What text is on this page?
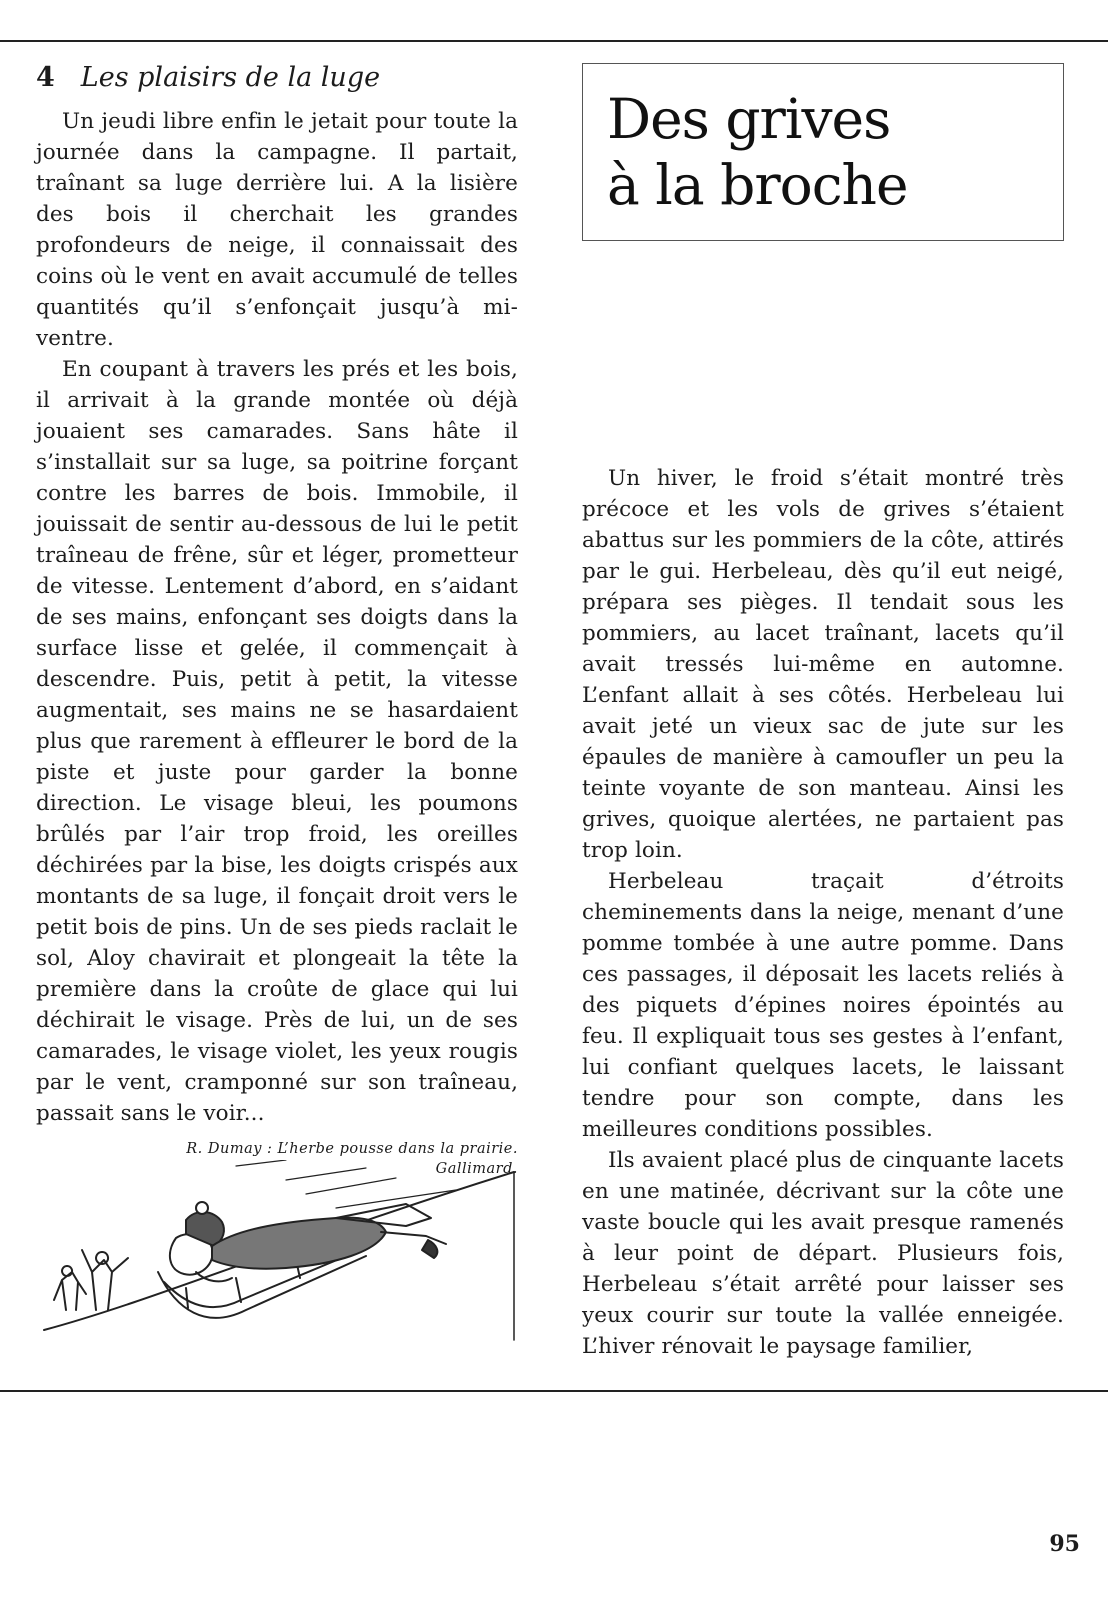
4 Les plaisirs de la luge

Un jeudi libre enfin le jetait pour toute la journée dans la campagne. Il partait, traînant sa luge derrière lui. A la lisière des bois il cherchait les grandes profondeurs de neige, il connaissait des coins où le vent en avait accumulé de telles quantités qu’il s’enfonçait jusqu’à mi-ventre.

En coupant à travers les prés et les bois, il arrivait à la grande montée où déjà jouaient ses camarades. Sans hâte il s’installait sur sa luge, sa poitrine forçant contre les barres de bois. Immobile, il jouissait de sentir au-dessous de lui le petit traîneau de frêne, sûr et léger, prometteur de vitesse. Lentement d’abord, en s’aidant de ses mains, enfonçant ses doigts dans la surface lisse et gelée, il commençait à descendre. Puis, petit à petit, la vitesse augmentait, ses mains ne se hasardaient plus que rarement à effleurer le bord de la piste et juste pour garder la bonne direction. Le visage bleui, les poumons brûlés par l’air trop froid, les oreilles déchirées par la bise, les doigts crispés aux montants de sa luge, il fonçait droit vers le petit bois de pins. Un de ses pieds raclait le sol, Aloy chavirait et plongeait la tête la première dans la croûte de glace qui lui déchirait le visage. Près de lui, un de ses camarades, le visage violet, les yeux rougis par le vent, cramponné sur son traîneau, passait sans le voir...

R. Dumay : L’herbe pousse dans la prairie.
Gallimard.
Des grives
à la broche

Un hiver, le froid s’était montré très précoce et les vols de grives s’étaient abattus sur les pommiers de la côte, attirés par le gui. Herbeleau, dès qu’il eut neigé, prépara ses pièges. Il tendait sous les pommiers, au lacet traînant, lacets qu’il avait tressés lui-même en automne. L’enfant allait à ses côtés. Herbeleau lui avait jeté un vieux sac de jute sur les épaules de manière à camoufler un peu la teinte voyante de son manteau. Ainsi les grives, quoique alertées, ne partaient pas trop loin.

Herbeleau traçait d’étroits cheminements dans la neige, menant d’une pomme tombée à une autre pomme. Dans ces passages, il déposait les lacets reliés à des piquets d’épines noires épointés au feu. Il expliquait tous ses gestes à l’enfant, lui confiant quelques lacets, le laissant tendre pour son compte, dans les meilleures conditions possibles.

Ils avaient placé plus de cinquante lacets en une matinée, décrivant sur la côte une vaste boucle qui les avait presque ramenés à leur point de départ. Plusieurs fois, Herbeleau s’était arrêté pour laisser ses yeux courir sur toute la vallée enneigée. L’hiver rénovait le paysage familier,

95
